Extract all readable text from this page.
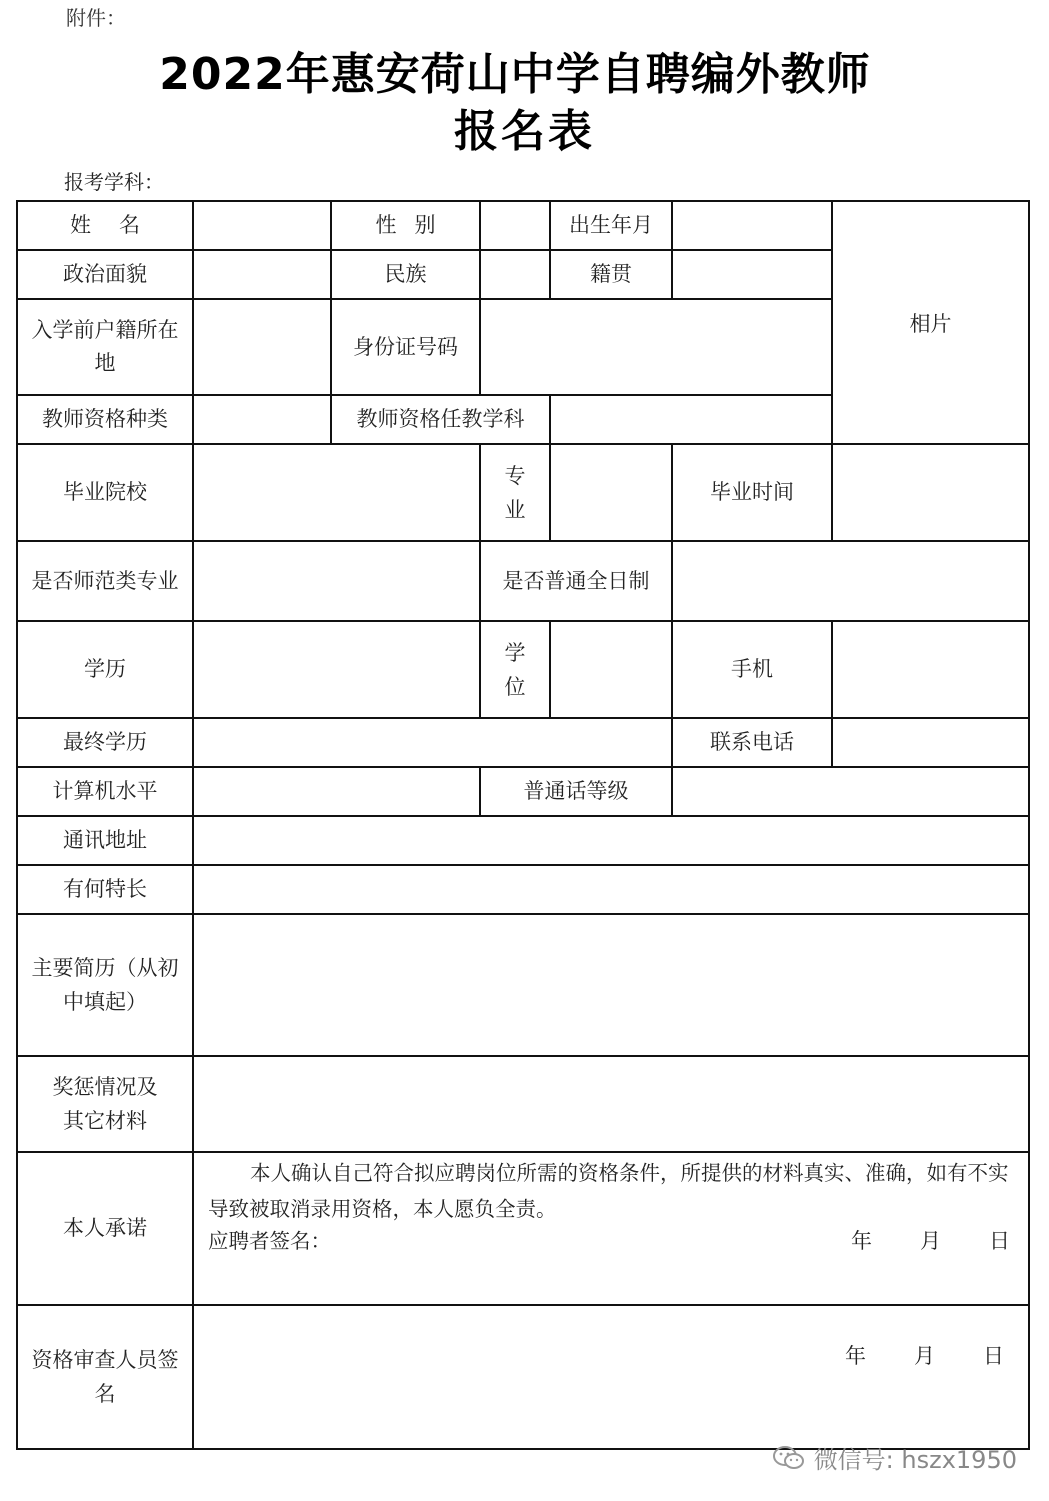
附件：
2022年惠安荷山中学自聘编外教师
报名表
报考学科：
姓名		性别		出生年月		相片
政治面貌		民族		籍贯		

入学前户籍所在地		身份证号码				
教师资格种类		教师资格任教学科				
毕业院校			专业		毕业时间	

是否师范类专业			是否普通全日制			
学历			学位		手机	
最终学历					联系电话	
计算机水平			普通话等级			
通讯地址						
有何特长						

主要简历（从初中填起）						

奖惩情况及其它材料						

本人承诺	本人确认自己符合拟应聘岗位所需的资格条件，所提供的材料真实、准确，如有不实导致被取消录用资格，本人愿负全责。
应聘者签名： 年 月 日					

资格审查人员签名	年 月 日					
微信号: hszx1950
